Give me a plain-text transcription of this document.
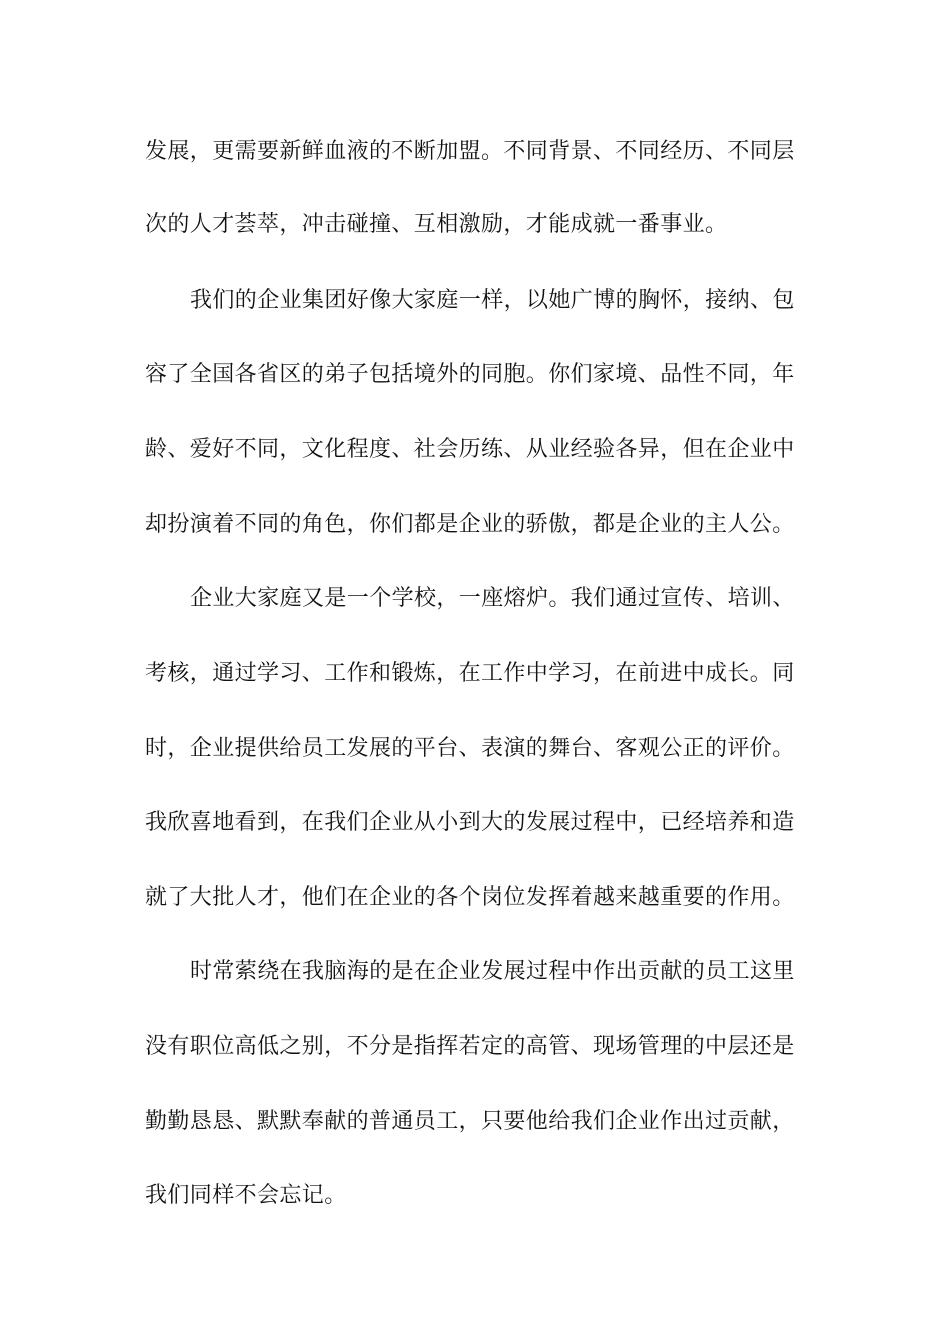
发展，更需要新鲜血液的不断加盟。不同背景、不同经历、不同层
次的人才荟萃，冲击碰撞、互相激励，才能成就一番事业。
我们的企业集团好像大家庭一样，以她广博的胸怀，接纳、包
容了全国各省区的弟子包括境外的同胞。你们家境、品性不同，年
龄、爱好不同，文化程度、社会历练、从业经验各异，但在企业中
却扮演着不同的角色，你们都是企业的骄傲，都是企业的主人公。
企业大家庭又是一个学校，一座熔炉。我们通过宣传、培训、
考核，通过学习、工作和锻炼，在工作中学习，在前进中成长。同
时，企业提供给员工发展的平台、表演的舞台、客观公正的评价。
我欣喜地看到，在我们企业从小到大的发展过程中，已经培养和造
就了大批人才，他们在企业的各个岗位发挥着越来越重要的作用。
时常萦绕在我脑海的是在企业发展过程中作出贡献的员工这里
没有职位高低之别，不分是指挥若定的高管、现场管理的中层还是
勤勤恳恳、默默奉献的普通员工，只要他给我们企业作出过贡献，
我们同样不会忘记。
